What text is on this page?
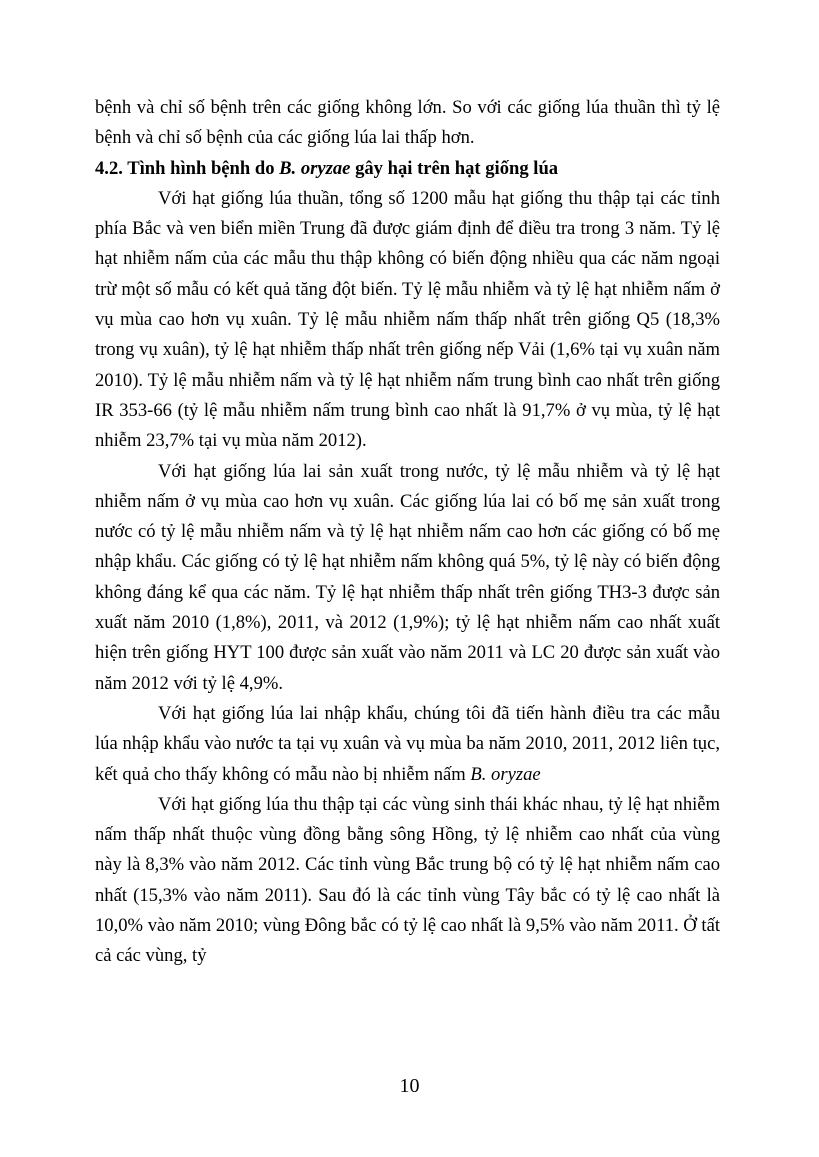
bệnh và chỉ số bệnh trên các giống không lớn. So với các giống lúa thuần thì tỷ lệ bệnh và chỉ số bệnh của các giống lúa lai thấp hơn.

4.2. Tình hình bệnh do B. oryzae gây hại trên hạt giống lúa

Với hạt giống lúa thuần, tổng số 1200 mẫu hạt giống thu thập tại các tỉnh phía Bắc và ven biển miền Trung đã được giám định để điều tra trong 3 năm. Tỷ lệ hạt nhiễm nấm của các mẫu thu thập không có biến động nhiều qua các năm ngoại trừ một số mẫu có kết quả tăng đột biến. Tỷ lệ mẫu nhiễm và tỷ lệ hạt nhiễm nấm ở vụ mùa cao hơn vụ xuân. Tỷ lệ mẫu nhiễm nấm thấp nhất trên giống Q5 (18,3% trong vụ xuân), tỷ lệ hạt nhiễm thấp nhất trên giống nếp Vải (1,6% tại vụ xuân năm 2010). Tỷ lệ mẫu nhiễm nấm và tỷ lệ hạt nhiễm nấm trung bình cao nhất trên giống IR 353-66 (tỷ lệ mẫu nhiễm nấm trung bình cao nhất là 91,7% ở vụ mùa, tỷ lệ hạt nhiễm 23,7% tại vụ mùa năm 2012).

Với hạt giống lúa lai sản xuất trong nước, tỷ lệ mẫu nhiễm và tỷ lệ hạt nhiễm nấm ở vụ mùa cao hơn vụ xuân. Các giống lúa lai có bố mẹ sản xuất trong nước có tỷ lệ mẫu nhiễm nấm và tỷ lệ hạt nhiễm nấm cao hơn các giống có bố mẹ nhập khẩu. Các giống có tỷ lệ hạt nhiễm nấm không quá 5%, tỷ lệ này có biến động không đáng kể qua các năm. Tỷ lệ hạt nhiễm thấp nhất trên giống TH3-3 được sản xuất năm 2010 (1,8%), 2011, và 2012 (1,9%); tỷ lệ hạt nhiễm nấm cao nhất xuất hiện trên giống HYT 100 được sản xuất vào năm 2011 và LC 20 được sản xuất vào năm 2012 với tỷ lệ 4,9%.

Với hạt giống lúa lai nhập khẩu, chúng tôi đã tiến hành điều tra các mẫu lúa nhập khẩu vào nước ta tại vụ xuân và vụ mùa ba năm 2010, 2011, 2012 liên tục, kết quả cho thấy không có mẫu nào bị nhiễm nấm B. oryzae

Với hạt giống lúa thu thập tại các vùng sinh thái khác nhau, tỷ lệ hạt nhiễm nấm thấp nhất thuộc vùng đồng bằng sông Hồng, tỷ lệ nhiễm cao nhất của vùng này là 8,3% vào năm 2012. Các tỉnh vùng Bắc trung bộ có tỷ lệ hạt nhiễm nấm cao nhất (15,3% vào năm 2011). Sau đó là các tỉnh vùng Tây bắc có tỷ lệ cao nhất là 10,0% vào năm 2010; vùng Đông bắc có tỷ lệ cao nhất là 9,5% vào năm 2011. Ở tất cả các vùng, tỷ

10
